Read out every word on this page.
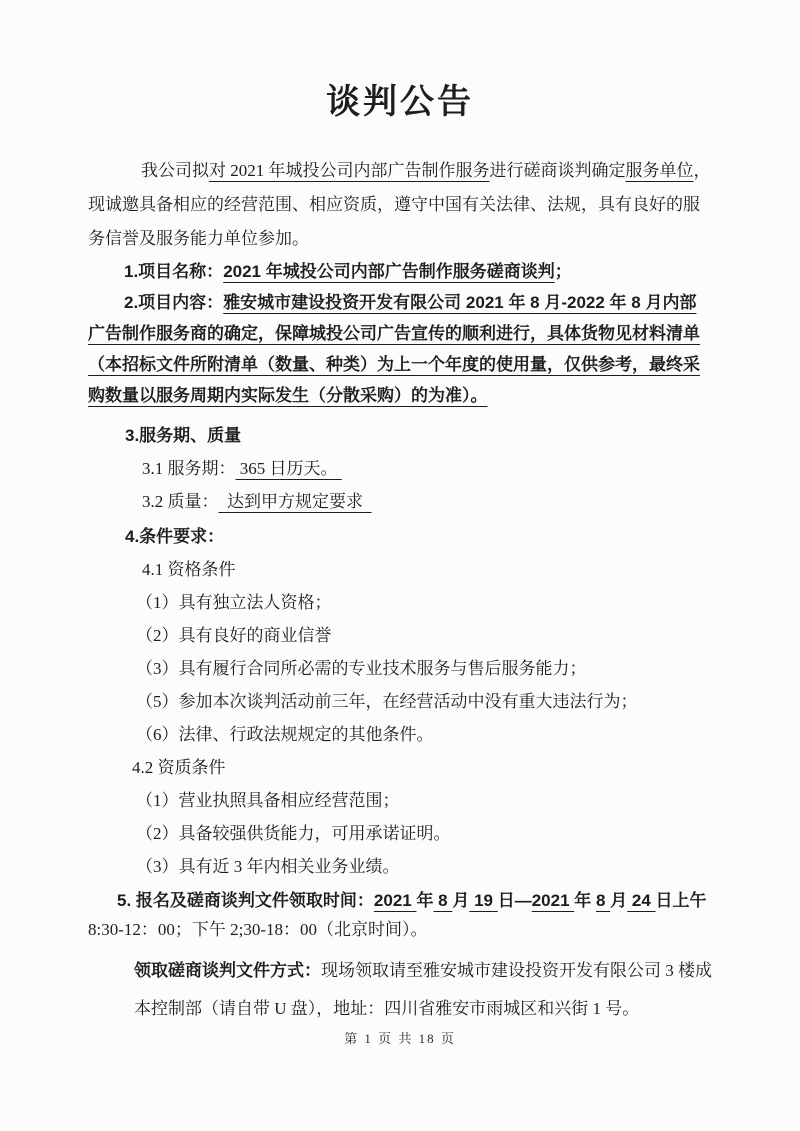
谈判公告

我公司拟对 2021 年城投公司内部广告制作服务进行磋商谈判确定服务单位，现诚邀具备相应的经营范围、相应资质，遵守中国有关法律、法规，具有良好的服务信誉及服务能力单位参加。

1.项目名称：2021 年城投公司内部广告制作服务磋商谈判；

2.项目内容：雅安城市建设投资开发有限公司 2021 年 8 月-2022 年 8 月内部广告制作服务商的确定，保障城投公司广告宣传的顺利进行，具体货物见材料清单（本招标文件所附清单（数量、种类）为上一个年度的使用量，仅供参考，最终采购数量以服务周期内实际发生（分散采购）的为准）。

3.服务期、质量

3.1 服务期： 365 日历天。

3.2 质量：  达到甲方规定要求

4.条件要求：

4.1 资格条件

（1）具有独立法人资格；

（2）具有良好的商业信誉

（3）具有履行合同所必需的专业技术服务与售后服务能力；

（5）参加本次谈判活动前三年，在经营活动中没有重大违法行为；

（6）法律、行政法规规定的其他条件。

4.2 资质条件

（1）营业执照具备相应经营范围；

（2）具备较强供货能力，可用承诺证明。

（3）具有近 3 年内相关业务业绩。

5. 报名及磋商谈判文件领取时间：2021 年 8 月 19 日—2021 年 8 月 24 日上午

8:30-12：00；下午 2;30-18：00（北京时间）。

领取磋商谈判文件方式：现场领取请至雅安城市建设投资开发有限公司 3 楼成本控制部（请自带 U 盘），地址：四川省雅安市雨城区和兴街 1 号。

第 1 页 共 18 页
